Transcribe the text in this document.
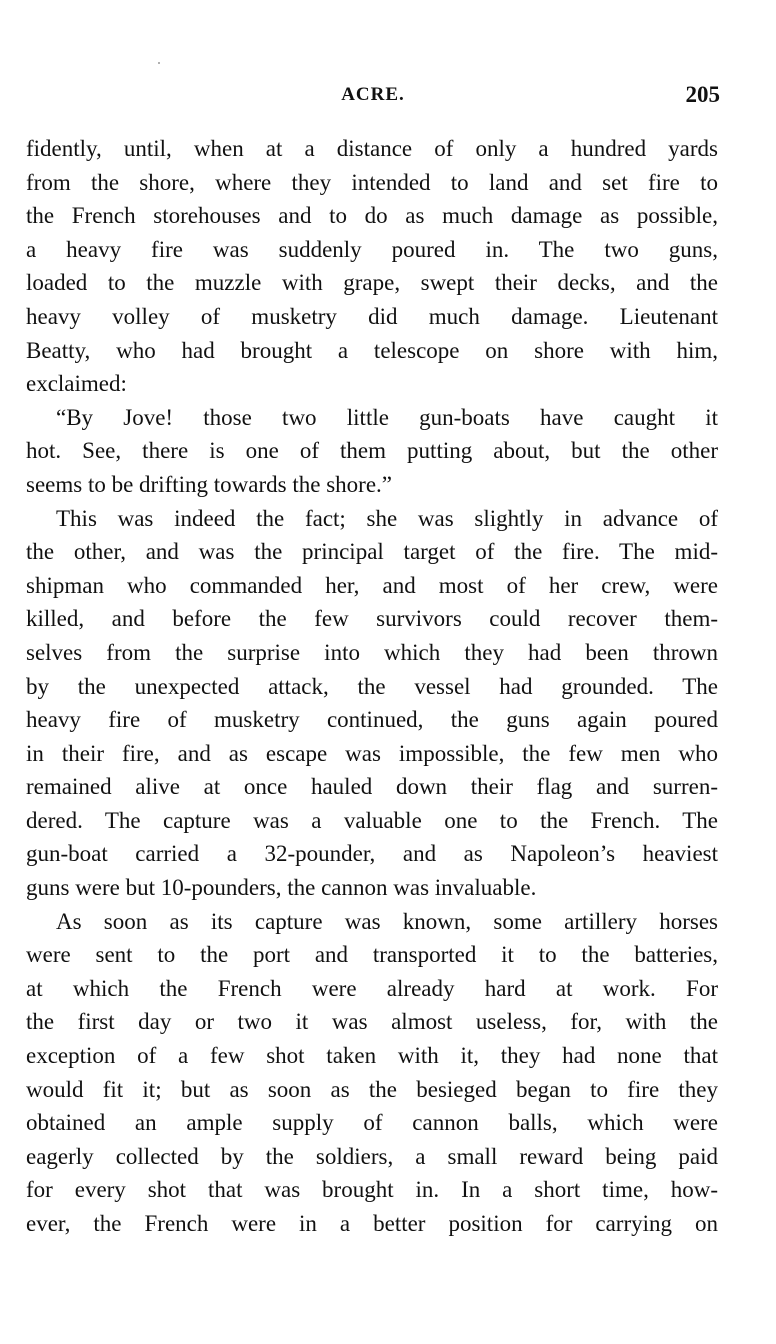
ACRE.	205
fidently, until, when at a distance of only a hundred yards
from the shore, where they intended to land and set fire to
the French storehouses and to do as much damage as possible,
a heavy fire was suddenly poured in. The two guns,
loaded to the muzzle with grape, swept their decks, and the
heavy volley of musketry did much damage. Lieutenant
Beatty, who had brought a telescope on shore with him,
exclaimed:
“By Jove! those two little gun-boats have caught it
hot. See, there is one of them putting about, but the other
seems to be drifting towards the shore.”
This was indeed the fact; she was slightly in advance of
the other, and was the principal target of the fire. The mid-
shipman who commanded her, and most of her crew, were
killed, and before the few survivors could recover them-
selves from the surprise into which they had been thrown
by the unexpected attack, the vessel had grounded. The
heavy fire of musketry continued, the guns again poured
in their fire, and as escape was impossible, the few men who
remained alive at once hauled down their flag and surren-
dered. The capture was a valuable one to the French. The
gun-boat carried a 32-pounder, and as Napoleon’s heaviest
guns were but 10-pounders, the cannon was invaluable.
As soon as its capture was known, some artillery horses
were sent to the port and transported it to the batteries,
at which the French were already hard at work. For
the first day or two it was almost useless, for, with the
exception of a few shot taken with it, they had none that
would fit it; but as soon as the besieged began to fire they
obtained an ample supply of cannon balls, which were
eagerly collected by the soldiers, a small reward being paid
for every shot that was brought in. In a short time, how-
ever, the French were in a better position for carrying on
